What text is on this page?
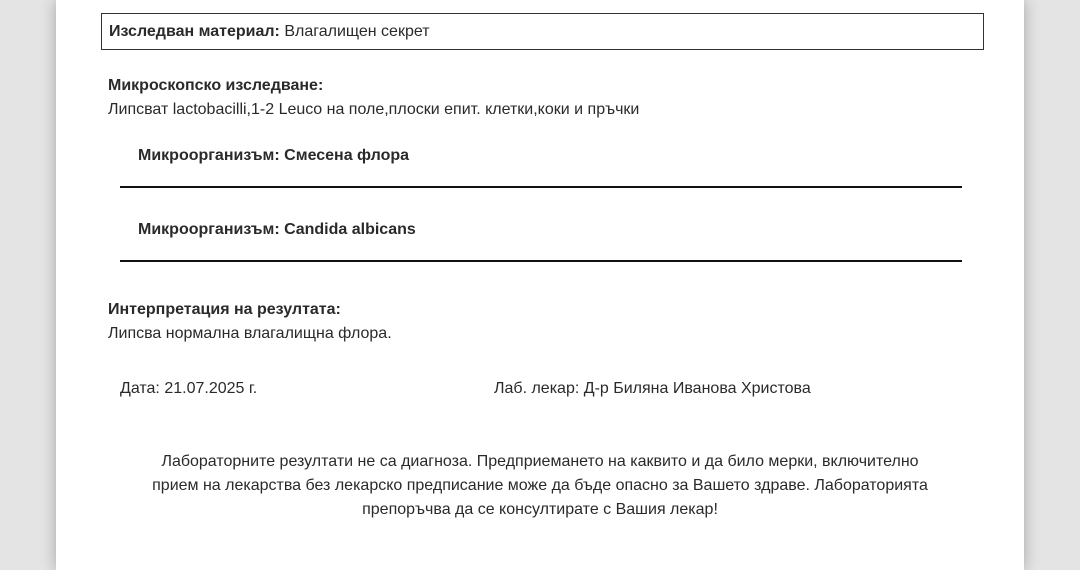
Изследван материал:
Влагалищен секрет
Микроскопско изследване:
Липсват lactobacilli,1-2 Leuco на поле,плоски епит. клетки,коки и пръчки
Микроорганизъм: Смесена флора
Микроорганизъм: Candida albicans
Интерпретация на резултата:
Липсва нормална влагалищна флора.
Дата: 21.07.2025 г.	Лаб. лекар: Д-р Биляна Иванова Христова
Лабораторните резултати не са диагноза. Предприемането на каквито и да било мерки, включително
прием на лекарства без лекарско предписание може да бъде опасно за Вашето здраве. Лабораторията
препоръчва да се консултирате с Вашия лекар!
